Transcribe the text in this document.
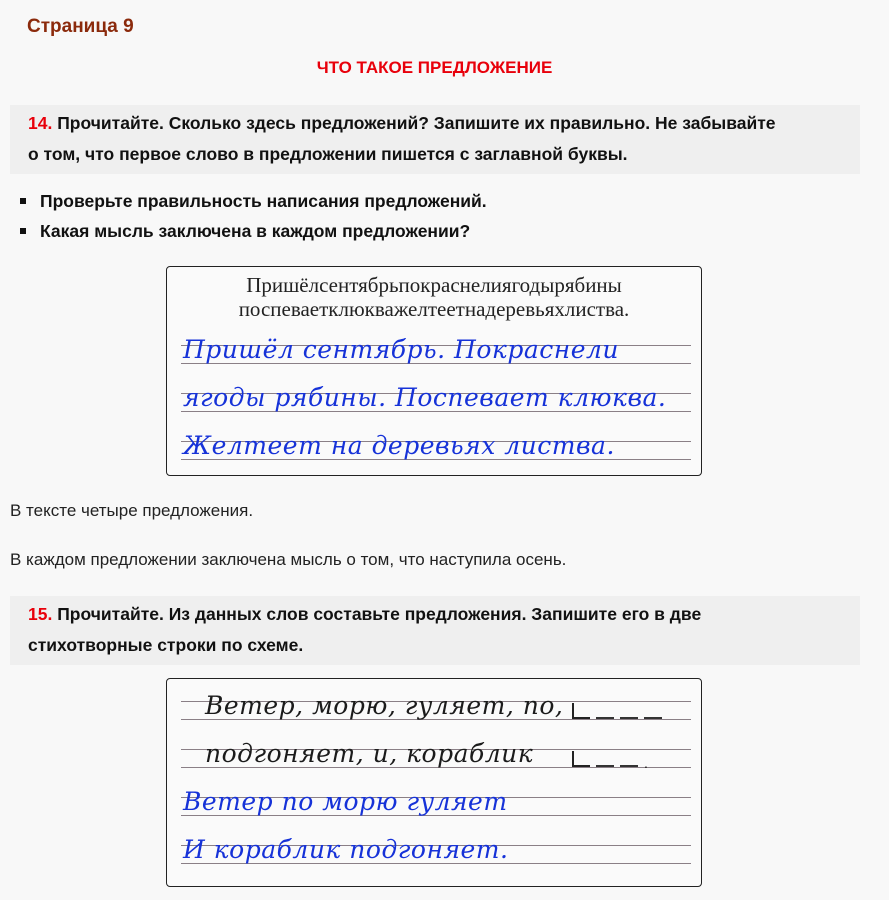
Страница 9
ЧТО ТАКОЕ ПРЕДЛОЖЕНИЕ
14. Прочитайте. Сколько здесь предложений? Запишите их правильно. Не забывайте
о том, что первое слово в предложении пишется с заглавной буквы.
Проверьте правильность написания предложений.
Какая мысль заключена в каждом предложении?
Пришёлсентябрьпокраснелиягодырябины
поспеваетклюкважелтеетнадеревьяхлиства.
Пришёл сентябрь. Покраснели
ягоды рябины. Поспевает клюква.
Желтеет на деревьях листва.
В тексте четыре предложения.
В каждом предложении заключена мысль о том, что наступила осень.
15. Прочитайте. Из данных слов составьте предложения. Запишите его в две
стихотворные строки по схеме.
Ветер, морю, гуляет, по,
подгоняет, и, кораблик	.
Ветер по морю гуляет
И кораблик подгоняет.
